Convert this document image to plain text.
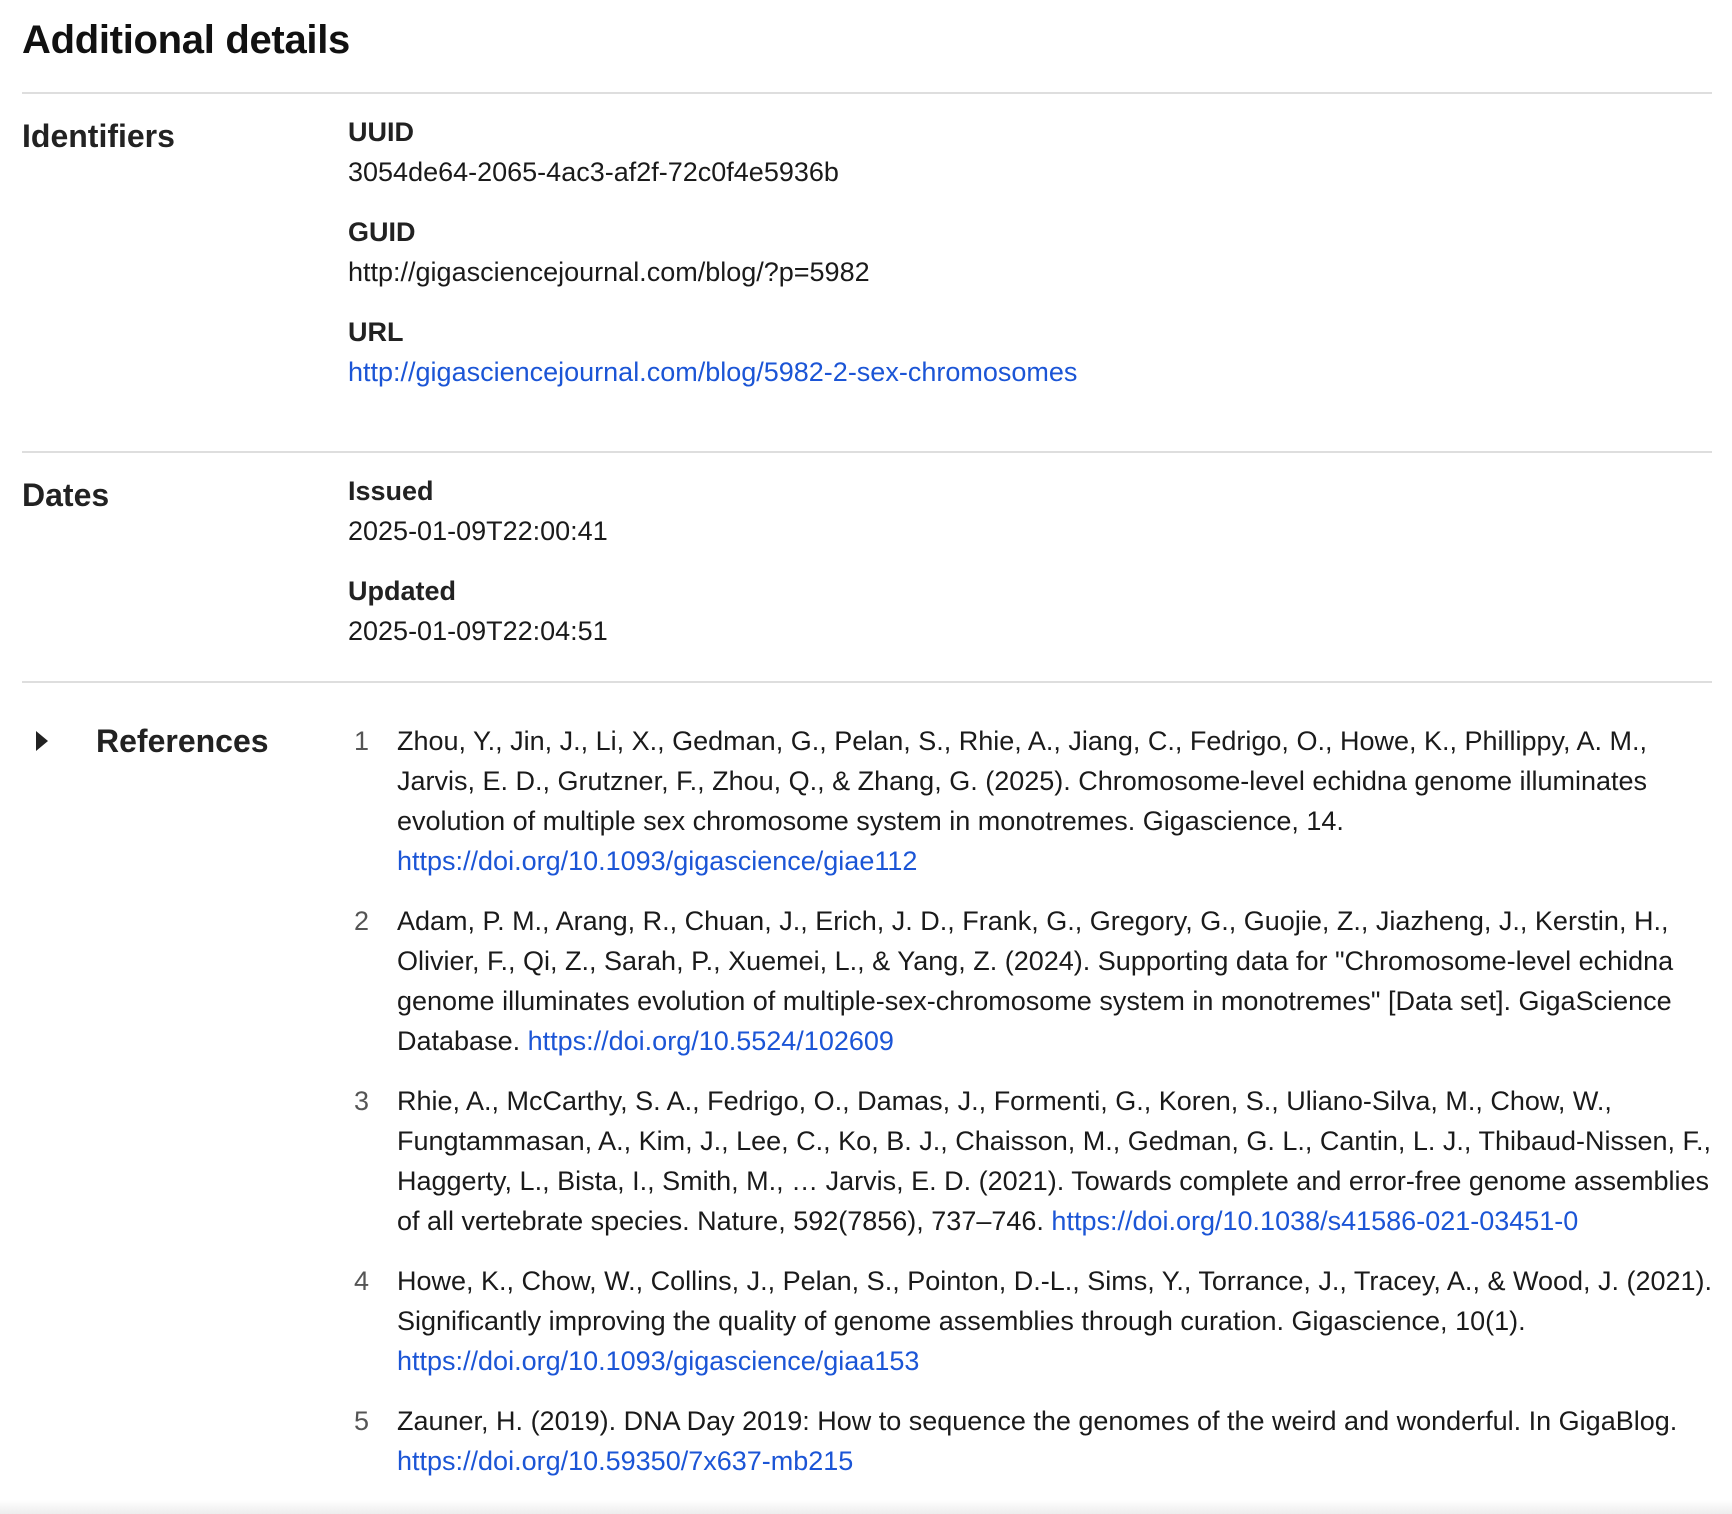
Additional details
Identifiers	UUID
3054de64-2065-4ac3-af2f-72c0f4e5936b
GUID
http://gigasciencejournal.com/blog/?p=5982
URL
http://gigasciencejournal.com/blog/5982-2-sex-chromosomes
Dates	Issued
2025-01-09T22:00:41
Updated
2025-01-09T22:04:51
References	1 Zhou, Y., Jin, J., Li, X., Gedman, G., Pelan, S., Rhie, A., Jiang, C., Fedrigo, O., Howe, K., Phillippy, A. M., Jarvis, E. D., Grutzner, F., Zhou, Q., & Zhang, G. (2025). Chromosome-level echidna genome illuminates evolution of multiple sex chromosome system in monotremes. Gigascience, 14. https://doi.org/10.1093/gigascience/giae112
2 Adam, P. M., Arang, R., Chuan, J., Erich, J. D., Frank, G., Gregory, G., Guojie, Z., Jiazheng, J., Kerstin, H., Olivier, F., Qi, Z., Sarah, P., Xuemei, L., & Yang, Z. (2024). Supporting data for "Chromosome-level echidna genome illuminates evolution of multiple-sex-chromosome system in monotremes" [Data set]. GigaScience Database. https://doi.org/10.5524/102609
3 Rhie, A., McCarthy, S. A., Fedrigo, O., Damas, J., Formenti, G., Koren, S., Uliano-Silva, M., Chow, W., Fungtammasan, A., Kim, J., Lee, C., Ko, B. J., Chaisson, M., Gedman, G. L., Cantin, L. J., Thibaud-Nissen, F., Haggerty, L., Bista, I., Smith, M., … Jarvis, E. D. (2021). Towards complete and error-free genome assemblies of all vertebrate species. Nature, 592(7856), 737–746. https://doi.org/10.1038/s41586-021-03451-0
4 Howe, K., Chow, W., Collins, J., Pelan, S., Pointon, D.-L., Sims, Y., Torrance, J., Tracey, A., & Wood, J. (2021). Significantly improving the quality of genome assemblies through curation. Gigascience, 10(1). https://doi.org/10.1093/gigascience/giaa153
5 Zauner, H. (2019). DNA Day 2019: How to sequence the genomes of the weird and wonderful. In GigaBlog. https://doi.org/10.59350/7x637-mb215
